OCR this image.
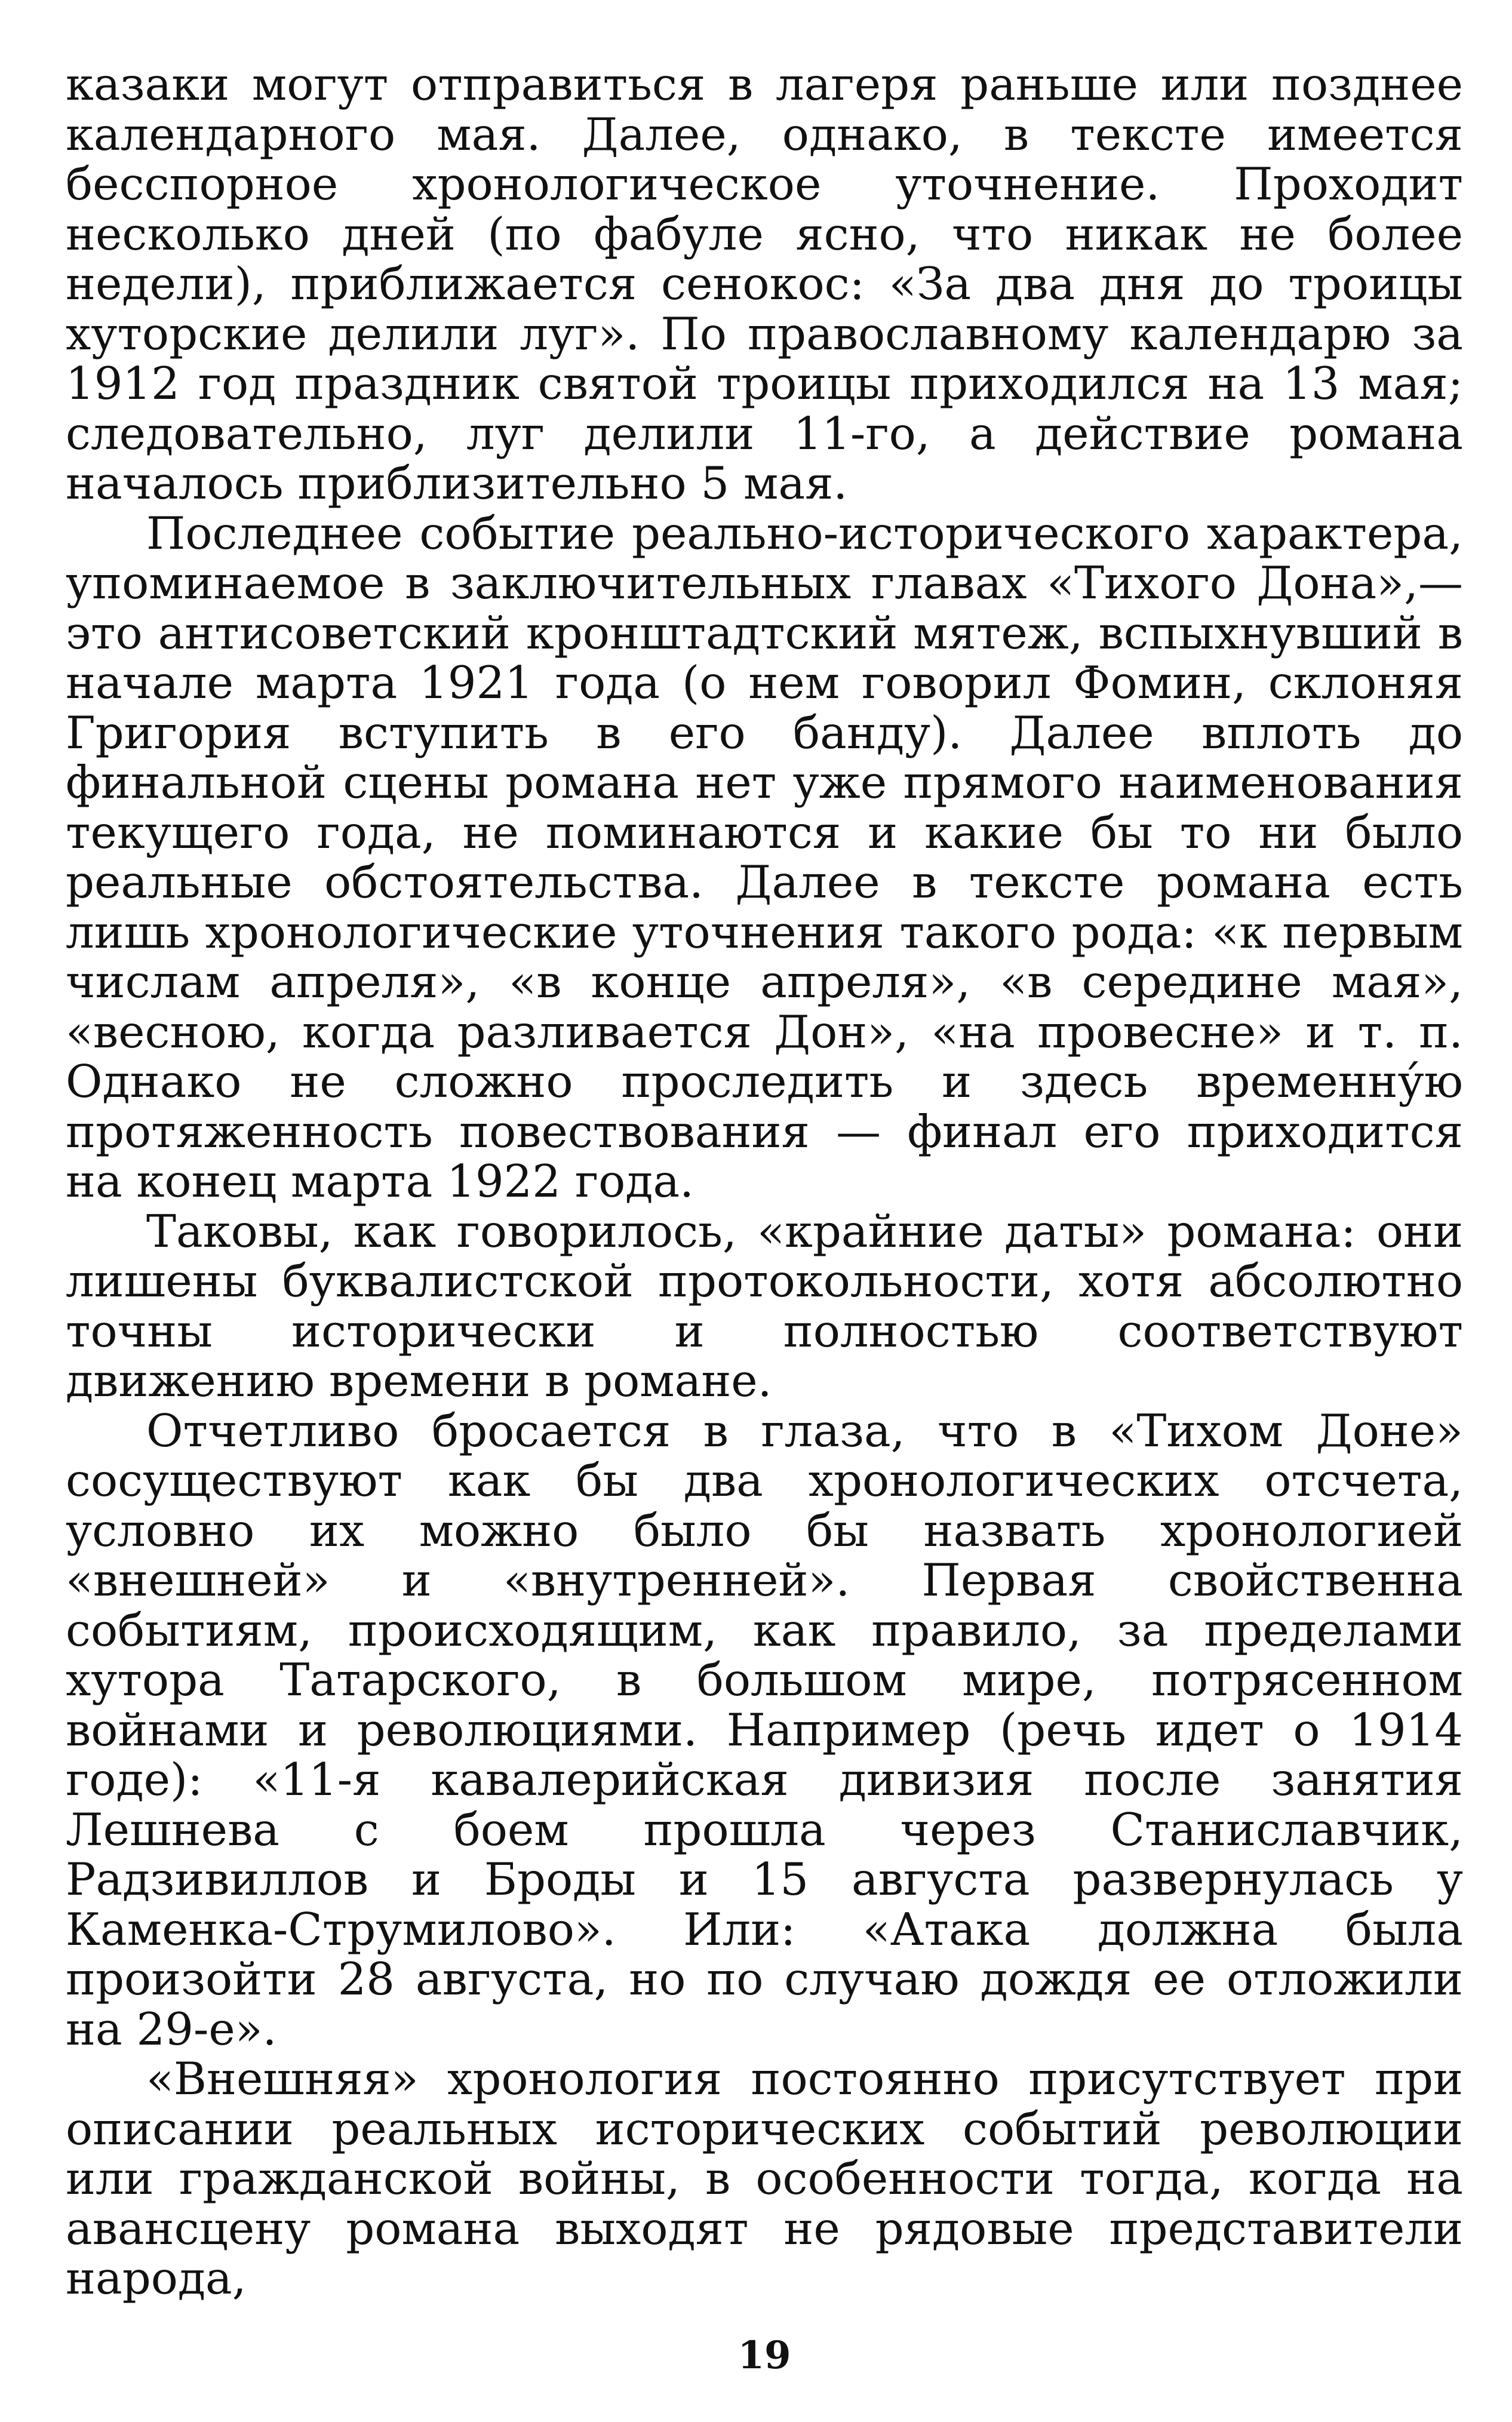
казаки могут отправиться в лагеря раньше или позднее календарного мая. Далее, однако, в тексте имеется бесспорное хронологическое уточнение. Проходит несколько дней (по фабуле ясно, что никак не более недели), приближается сенокос: «За два дня до троицы хуторские делили луг». По православному календарю за 1912 год праздник святой троицы приходился на 13 мая; следовательно, луг делили 11-го, а действие романа началось приблизительно 5 мая.

Последнее событие реально-исторического характера, упоминаемое в заключительных главах «Тихого Дона»,— это антисоветский кронштадтский мятеж, вспыхнувший в начале марта 1921 года (о нем говорил Фомин, склоняя Григория вступить в его банду). Далее вплоть до финальной сцены романа нет уже прямого наименования текущего года, не поминаются и какие бы то ни было реальные обстоятельства. Далее в тексте романа есть лишь хронологические уточнения такого рода: «к первым числам апреля», «в конце апреля», «в середине мая», «весною, когда разливается Дон», «на провесне» и т. п. Однако не сложно проследить и здесь временну́ю протяженность повествования — финал его приходится на конец марта 1922 года.

Таковы, как говорилось, «крайние даты» романа: они лишены буквалистской протокольности, хотя абсолютно точны исторически и полностью соответствуют движению времени в романе.

Отчетливо бросается в глаза, что в «Тихом Доне» сосуществуют как бы два хронологических отсчета, условно их можно было бы назвать хронологией «внешней» и «внутренней». Первая свойственна событиям, происходящим, как правило, за пределами хутора Татарского, в большом мире, потрясенном войнами и революциями. Например (речь идет о 1914 годе): «11-я кавалерийская дивизия после занятия Лешнева с боем прошла через Станиславчик, Радзивиллов и Броды и 15 августа развернулась у Каменка-Струмилово». Или: «Атака должна была произойти 28 августа, но по случаю дождя ее отложили на 29-е».

«Внешняя» хронология постоянно присутствует при описании реальных исторических событий революции или гражданской войны, в особенности тогда, когда на авансцену романа выходят не рядовые представители народа,

19
